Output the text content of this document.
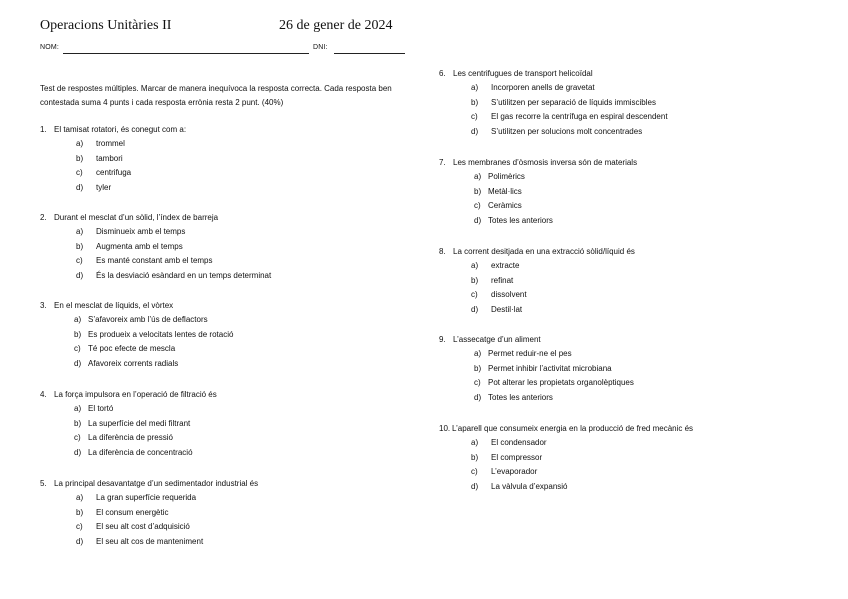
Operacions Unitàries II	26 de gener de 2024
NOM:	DNI:
Test de respostes múltiples. Marcar de manera inequívoca la resposta correcta. Cada resposta ben contestada suma 4 punts i cada resposta errònia resta 2 punt. (40%)
1. El tamisat rotatori, és conegut com a:
a) trommel
b) tambori
c) centrifuga
d) tyler
2. Durant el mesclat d’un sòlid, l’índex de barreja
a) Disminueix amb el temps
b) Augmenta amb el temps
c) Es manté constant amb el temps
d) És la desviació esàndard en un temps determinat
3. En el mesclat de líquids, el vòrtex
a) S’afavoreix amb l’ús de deflactors
b) Es produeix a velocitats lentes de rotació
c) Té poc efecte de mescla
d) Afavoreix corrents radials
4. La força impulsora en l’operació de filtració és
a) El tortó
b) La superfície del medi filtrant
c) La diferència de pressió
d) La diferència de concentració
5. La principal desavantatge d’un sedimentador industrial és
a) La gran superfície requerida
b) El consum energètic
c) El seu alt cost d’adquisició
d) El seu alt cos de manteniment
6. Les centrifugues de transport helicoïdal
a) Incorporen anells de gravetat
b) S’utilitzen per separació de líquids immiscibles
c) El gas recorre la centrífuga en espiral descendent
d) S’utilitzen per solucions molt concentrades
7. Les membranes d’òsmosis inversa són de materials
a) Polimèrics
b) Metàl·lics
c) Ceràmics
d) Totes les anteriors
8. La corrent desitjada en una extracció sòlid/líquid és
a) extracte
b) refinat
c) dissolvent
d) Destil·lat
9. L’assecatge d’un aliment
a) Permet reduir-ne el pes
b) Permet inhibir l’activitat microbiana
c) Pot alterar les propietats organolèptiques
d) Totes les anteriors
10. L’aparell que consumeix energia en la producció de fred mecànic és
a) El condensador
b) El compressor
c) L’evaporador
d) La vàlvula d’expansió
